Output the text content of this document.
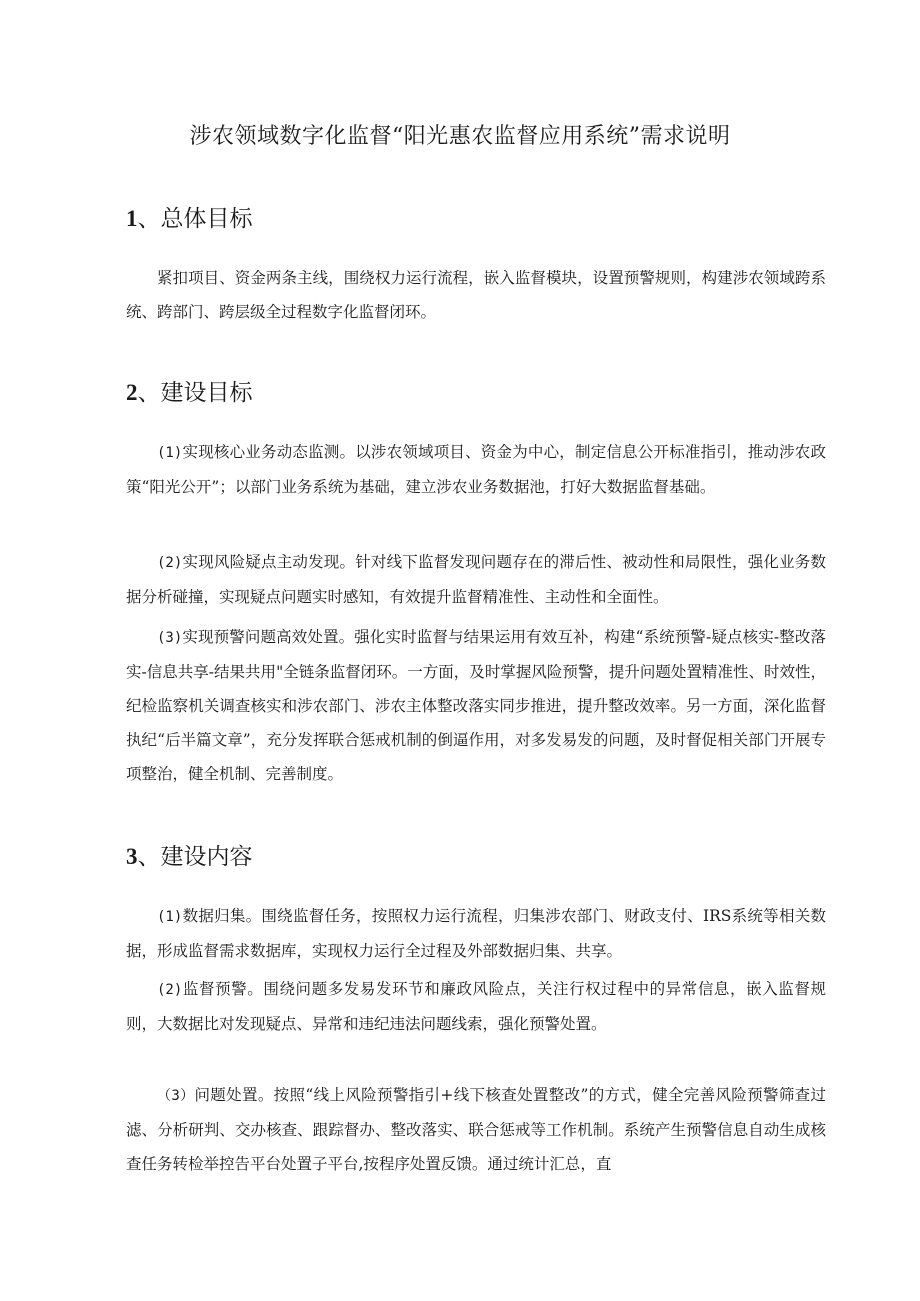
涉农领域数字化监督“阳光惠农监督应用系统”需求说明
1、总体目标
紧扣项目、资金两条主线，围绕权力运行流程，嵌入监督模块，设置预警规则，构建涉农领域跨系统、跨部门、跨层级全过程数字化监督闭环。
2、建设目标
(1)实现核心业务动态监测。以涉农领域项目、资金为中心，制定信息公开标准指引，推动涉农政策“阳光公开”；以部门业务系统为基础，建立涉农业务数据池，打好大数据监督基础。
(2)实现风险疑点主动发现。针对线下监督发现问题存在的滞后性、被动性和局限性，强化业务数据分析碰撞，实现疑点问题实时感知，有效提升监督精准性、主动性和全面性。
(3)实现预警问题高效处置。强化实时监督与结果运用有效互补，构建“系统预警-疑点核实-整改落实-信息共享-结果共用"全链条监督闭环。一方面，及时掌握风险预警，提升问题处置精准性、时效性，纪检监察机关调查核实和涉农部门、涉农主体整改落实同步推进，提升整改效率。另一方面，深化监督执纪“后半篇文章”，充分发挥联合惩戒机制的倒逼作用，对多发易发的问题，及时督促相关部门开展专项整治，健全机制、完善制度。
3、建设内容
(1)数据归集。围绕监督任务，按照权力运行流程，归集涉农部门、财政支付、IRS系统等相关数据，形成监督需求数据库，实现权力运行全过程及外部数据归集、共享。
(2)监督预警。围绕问题多发易发环节和廉政风险点，关注行权过程中的异常信息，嵌入监督规则，大数据比对发现疑点、异常和违纪违法问题线索，强化预警处置。
（3）问题处置。按照“线上风险预警指引+线下核查处置整改”的方式，健全完善风险预警筛查过滤、分析研判、交办核查、跟踪督办、整改落实、联合惩戒等工作机制。系统产生预警信息自动生成核查任务转检举控告平台处置子平台,按程序处置反馈。通过统计汇总，直
